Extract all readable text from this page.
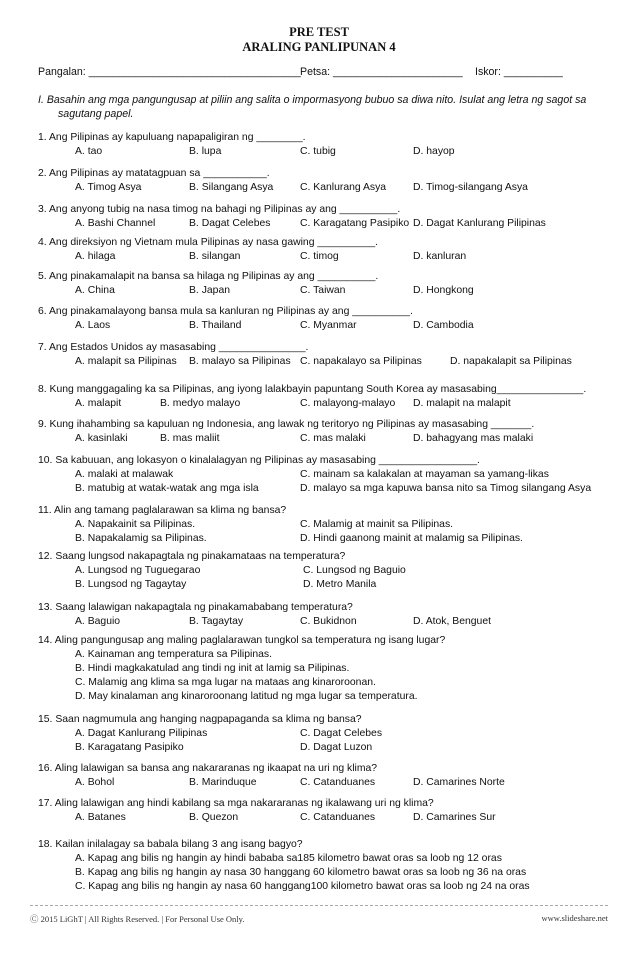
PRE TEST
ARALING PANLIPUNAN 4

Pangalan: ____________________________________

Petsa: ______________________

Iskor: __________

I. Basahin ang mga pangungusap at piliin ang salita o impormasyong bubuo sa diwa nito. Isulat ang letra ng sagot sa
sagutang papel.
1. Ang Pilipinas ay kapuluang napapaligiran ng ________.
A. tao	B. lupa	C. tubig	D. hayop
2. Ang Pilipinas ay matatagpuan sa ___________.
A. Timog Asya	B. Silangang Asya	C. Kanlurang Asya	D. Timog-silangang Asya
3. Ang anyong tubig na nasa timog na bahagi ng Pilipinas ay ang __________.
A. Bashi Channel	B. Dagat Celebes	C. Karagatang Pasipiko D. Dagat Kanlurang Pilipinas
4. Ang direksiyon ng Vietnam mula Pilipinas ay nasa gawing __________.
A. hilaga	B. silangan	C. timog	D. kanluran
5. Ang pinakamalapit na bansa sa hilaga ng Pilipinas ay ang __________.
A. China	B. Japan	C. Taiwan	D. Hongkong
6. Ang pinakamalayong bansa mula sa kanluran ng Pilipinas ay ang __________.
A. Laos	B. Thailand	C. Myanmar	D. Cambodia
7. Ang Estados Unidos ay masasabing _______________.
A. malapit sa Pilipinas B. malayo sa Pilipinas C. napakalayo sa Pilipinas	D. napakalapit sa Pilipinas
8. Kung manggagaling ka sa Pilipinas, ang iyong lalakbayin papuntang South Korea ay masasabing_______________.
A. malapit	B. medyo malayo	C. malayong-malayo D. malapit na malapit
9. Kung ihahambing sa kapuluan ng Indonesia, ang lawak ng teritoryo ng Pilipinas ay masasabing _______.
A. kasinlaki	B. mas maliit	C. mas malaki	D. bahagyang mas malaki
10. Sa kabuuan, ang lokasyon o kinalalagyan ng Pilipinas ay masasabing _________________.
A. malaki at malawak	C. mainam sa kalakalan at mayaman sa yamang-likas
B. matubig at watak-watak ang mga isla	D. malayo sa mga kapuwa bansa nito sa Timog silangang Asya
11. Alin ang tamang paglalarawan sa klima ng bansa?
A. Napakainit sa Pilipinas.	C. Malamig at mainit sa Pilipinas.
B. Napakalamig sa Pilipinas.	D. Hindi gaanong mainit at malamig sa Pilipinas.
12. Saang lungsod nakapagtala ng pinakamataas na temperatura?
A. Lungsod ng Tuguegarao	C. Lungsod ng Baguio
B. Lungsod ng Tagaytay	D. Metro Manila
13. Saang lalawigan nakapagtala ng pinakamababang temperatura?
A. Baguio	B. Tagaytay	C. Bukidnon	D. Atok, Benguet
14. Aling pangungusap ang maling paglalarawan tungkol sa temperatura ng isang lugar?
A. Kainaman ang temperatura sa Pilipinas.
B. Hindi magkakatulad ang tindi ng init at lamig sa Pilipinas.
C. Malamig ang klima sa mga lugar na mataas ang kinaroroonan.
D. May kinalaman ang kinaroroonang latitud ng mga lugar sa temperatura.
15. Saan nagmumula ang hanging nagpapaganda sa klima ng bansa?
A. Dagat Kanlurang Pilipinas	C. Dagat Celebes
B. Karagatang Pasipiko	D. Dagat Luzon
16. Aling lalawigan sa bansa ang nakararanas ng ikaapat na uri ng klima?
A. Bohol	B. Marinduque	C. Catanduanes	D. Camarines Norte
17. Aling lalawigan ang hindi kabilang sa mga nakararanas ng ikalawang uri ng klima?
A. Batanes	B. Quezon	C. Catanduanes	D. Camarines Sur
18. Kailan inilalagay sa babala bilang 3 ang isang bagyo?
A. Kapag ang bilis ng hangin ay hindi bababa sa185 kilometro bawat oras sa loob ng 12 oras
B. Kapag ang bilis ng hangin ay nasa 30 hanggang 60 kilometro bawat oras sa loob ng 36 na oras
C. Kapag ang bilis ng hangin ay nasa 60 hanggang100 kilometro bawat oras sa loob ng 24 na oras
Ⓒ 2015 LiGhT | All Rights Reserved. | For Personal Use Only.	www.slideshare.net
